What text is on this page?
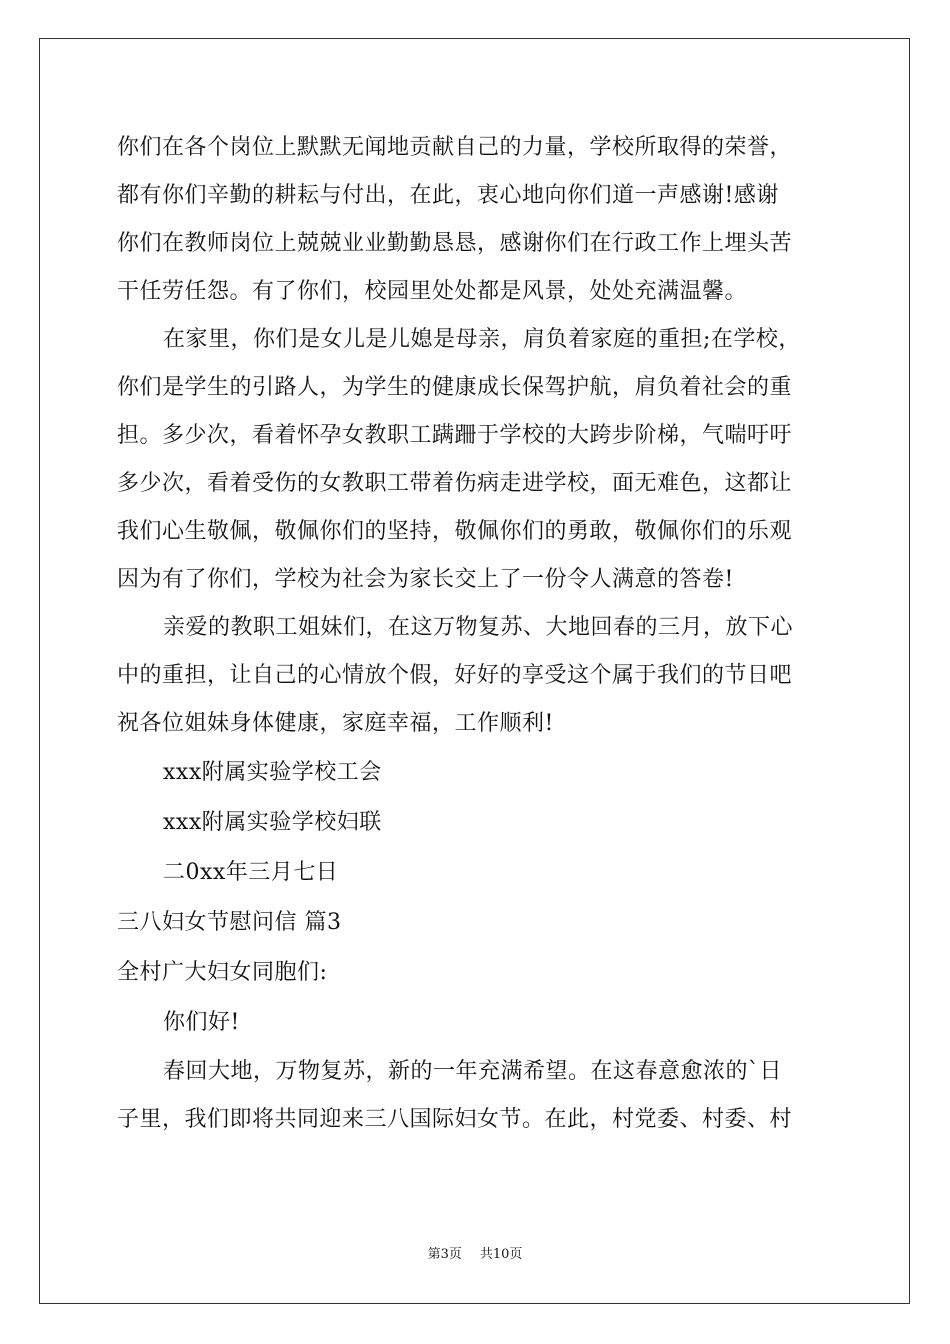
你们在各个岗位上默默无闻地贡献自己的力量，学校所取得的荣誉，
都有你们辛勤的耕耘与付出，在此，衷心地向你们道一声感谢!感谢
你们在教师岗位上兢兢业业勤勤恳恳，感谢你们在行政工作上埋头苦
干任劳任怨。有了你们，校园里处处都是风景，处处充满温馨。
在家里，你们是女儿是儿媳是母亲，肩负着家庭的重担;在学校，
你们是学生的引路人，为学生的健康成长保驾护航，肩负着社会的重
担。多少次，看着怀孕女教职工蹒跚于学校的大跨步阶梯，气喘吁吁
多少次，看着受伤的女教职工带着伤病走进学校，面无难色，这都让
我们心生敬佩，敬佩你们的坚持，敬佩你们的勇敢，敬佩你们的乐观
因为有了你们，学校为社会为家长交上了一份令人满意的答卷!
亲爱的教职工姐妹们，在这万物复苏、大地回春的三月，放下心
中的重担，让自己的心情放个假，好好的享受这个属于我们的节日吧
祝各位姐妹身体健康，家庭幸福，工作顺利!
xxx附属实验学校工会
xxx附属实验学校妇联
二0xx年三月七日
三八妇女节慰问信 篇3
全村广大妇女同胞们:
你们好!
春回大地，万物复苏，新的一年充满希望。在这春意愈浓的`日
子里，我们即将共同迎来三八国际妇女节。在此，村党委、村委、村
第3页 共10页
